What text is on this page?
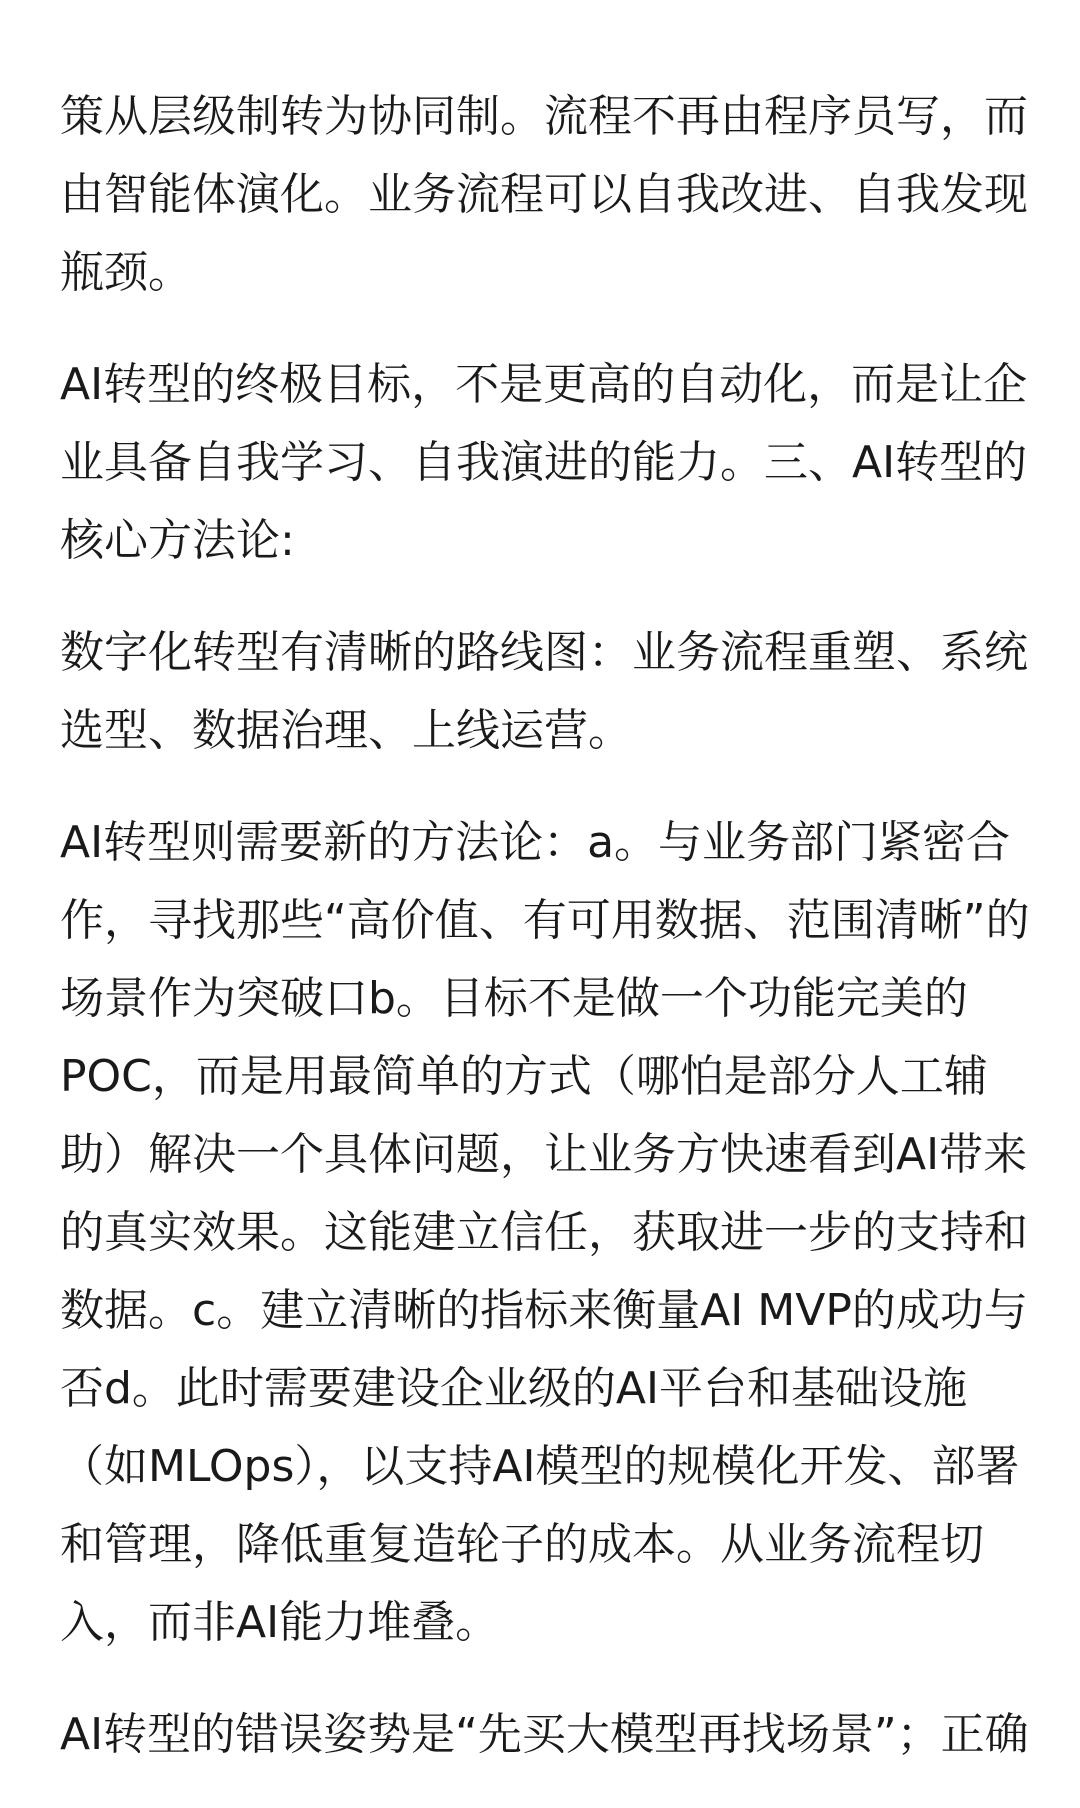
策从层级制转为协同制。流程不再由程序员写，而
由智能体演化。业务流程可以自我改进、自我发现
瓶颈。
AI转型的终极目标，不是更高的自动化，而是让企
业具备自我学习、自我演进的能力。三、AI转型的
核心方法论:
数字化转型有清晰的路线图：业务流程重塑、系统
选型、数据治理、上线运营。
AI转型则需要新的方法论：a。与业务部门紧密合
作，寻找那些“高价值、有可用数据、范围清晰”的
场景作为突破口b。目标不是做一个功能完美的
POC，而是用最简单的方式（哪怕是部分人工辅
助）解决一个具体问题，让业务方快速看到AI带来
的真实效果。这能建立信任，获取进一步的支持和
数据。c。建立清晰的指标来衡量AI MVP的成功与
否d。此时需要建设企业级的AI平台和基础设施
（如MLOps），以支持AI模型的规模化开发、部署
和管理，降低重复造轮子的成本。从业务流程切
入，而非AI能力堆叠。
AI转型的错误姿势是“先买大模型再找场景”；正确
